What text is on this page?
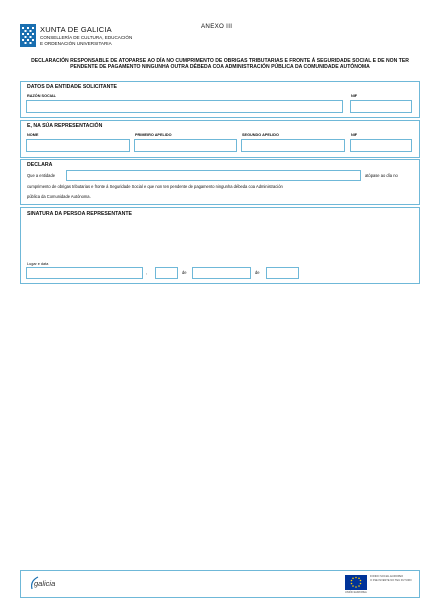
XUNTA DE GALICIA
CONSELLERÍA DE CULTURA, EDUCACIÓN
E ORDENACIÓN UNIVERSITARIA
ANEXO III
DECLARACIÓN RESPONSABLE DE ATOPARSE AO DÍA NO CUMPRIMENTO DE OBRIGAS TRIBUTARIAS E FRONTE Á SEGURIDADE SOCIAL E DE NON TER PENDENTE DE PAGAMENTO NINGUNHA OUTRA DÉBEDA COA ADMINISTRACIÓN PÚBLICA DA COMUNIDADE AUTÓNOMA
DATOS DA ENTIDADE SOLICITANTE
RAZÓN SOCIAL	NIF
E, NA SÚA REPRESENTACIÓN
NOME	PRIMEIRO APELIDO	SEGUNDO APELIDO	NIF
DECLARA
Que a entidade	atópase ao día no
cumprimento de obrigas tributarias e fronte á Seguridade Social e que non ten pendente de pagamento ningunha débeda coa Administración
pública da Comunidade Autónoma.
SINATURA DA PERSOA REPRESENTANTE
Lugar e data
,	de	de
galicia
FONDO SOCIAL EUROPEO
O FSE INVESTE NO TEU FUTURO
UNIÓN EUROPEA
